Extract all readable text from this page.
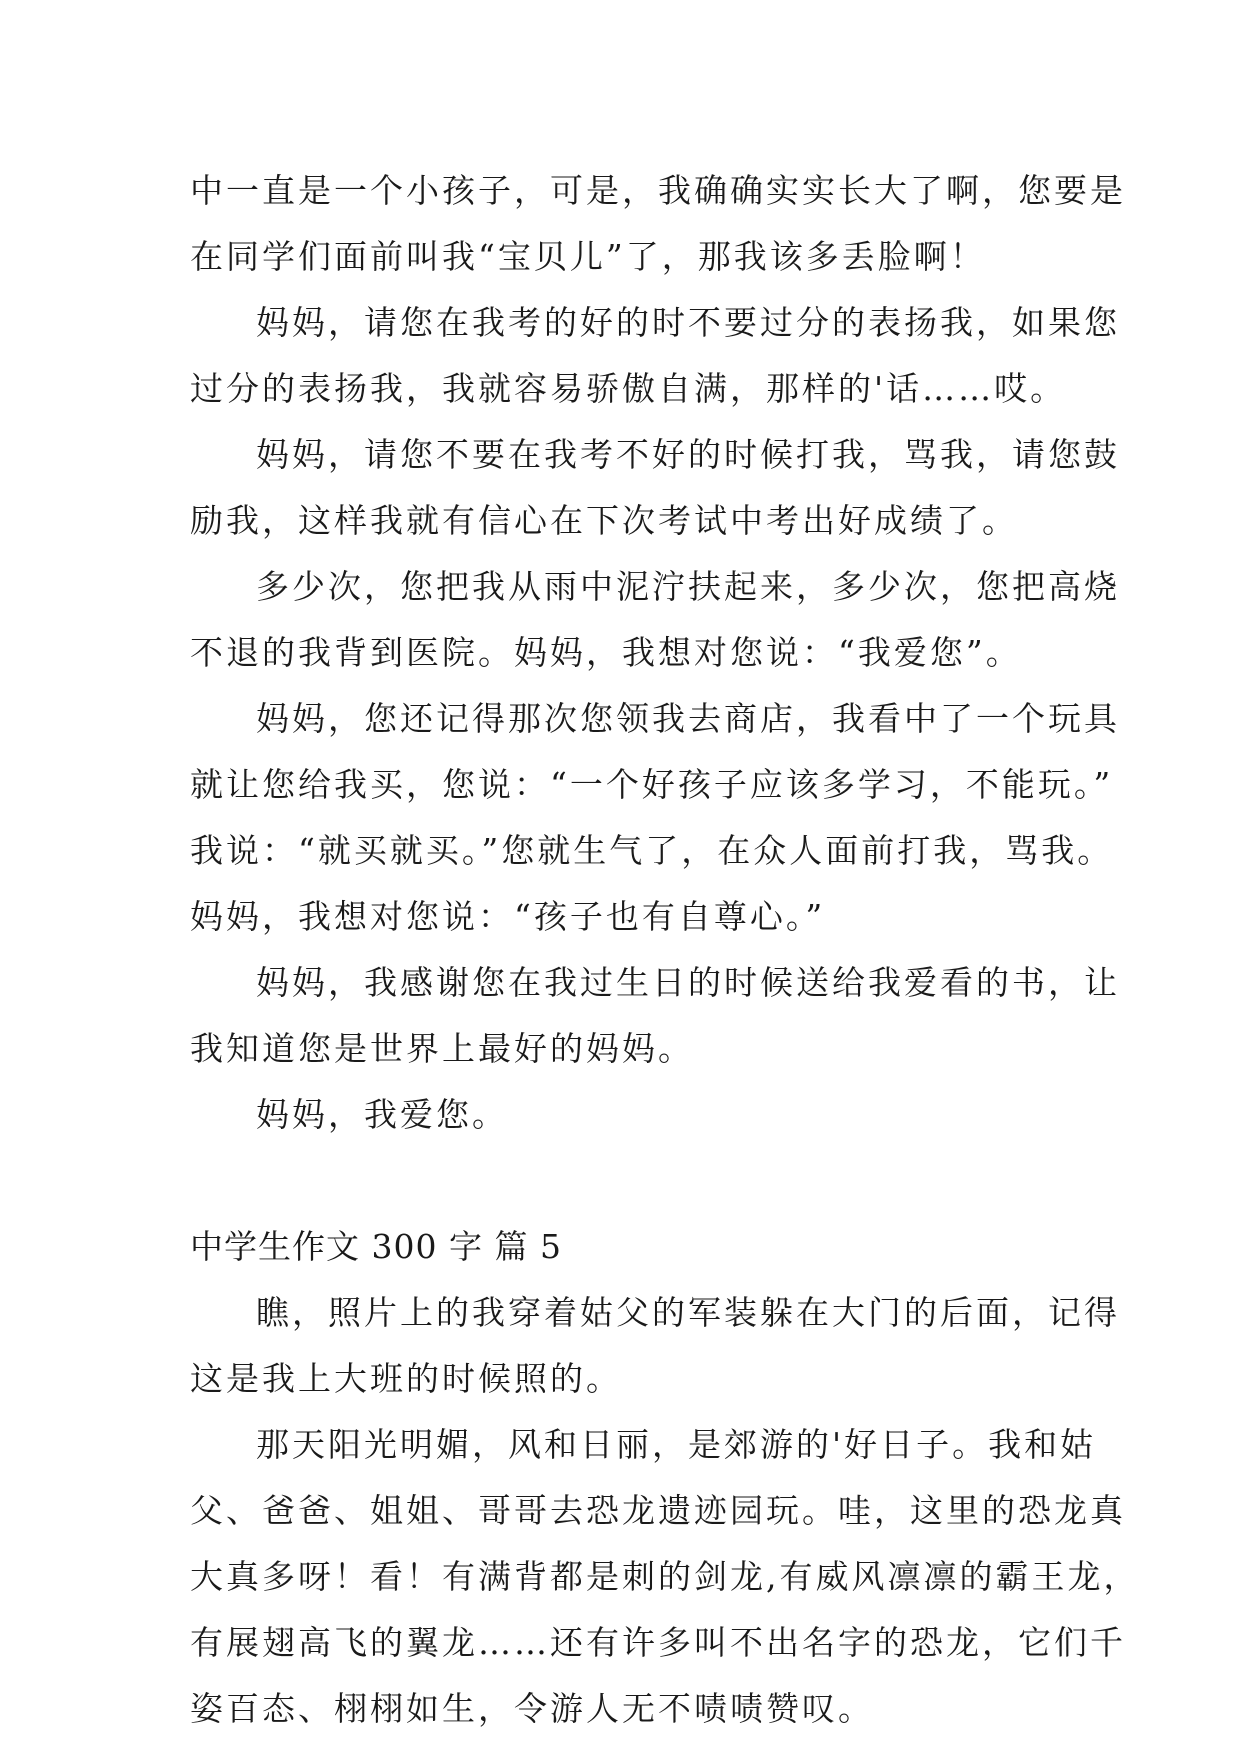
中一直是一个小孩子，可是，我确确实实长大了啊，您要是
在同学们面前叫我“宝贝儿”了，那我该多丢脸啊！
妈妈，请您在我考的好的时不要过分的表扬我，如果您
过分的表扬我，我就容易骄傲自满，那样的'话……哎。
妈妈，请您不要在我考不好的时候打我，骂我，请您鼓
励我，这样我就有信心在下次考试中考出好成绩了。
多少次，您把我从雨中泥泞扶起来，多少次，您把高烧
不退的我背到医院。妈妈，我想对您说：“我爱您”。
妈妈，您还记得那次您领我去商店，我看中了一个玩具
就让您给我买，您说：“一个好孩子应该多学习，不能玩。”
我说：“就买就买。”您就生气了，在众人面前打我，骂我。
妈妈，我想对您说：“孩子也有自尊心。”
妈妈，我感谢您在我过生日的时候送给我爱看的书，让
我知道您是世界上最好的妈妈。
妈妈，我爱您。
中学生作文 300 字 篇 5
瞧，照片上的我穿着姑父的军装躲在大门的后面，记得
这是我上大班的时候照的。
那天阳光明媚，风和日丽，是郊游的'好日子。我和姑
父、爸爸、姐姐、哥哥去恐龙遗迹园玩。哇，这里的恐龙真
大真多呀！看！有满背都是刺的剑龙,有威风凛凛的霸王龙，
有展翅高飞的翼龙……还有许多叫不出名字的恐龙，它们千
姿百态、栩栩如生，令游人无不啧啧赞叹。
